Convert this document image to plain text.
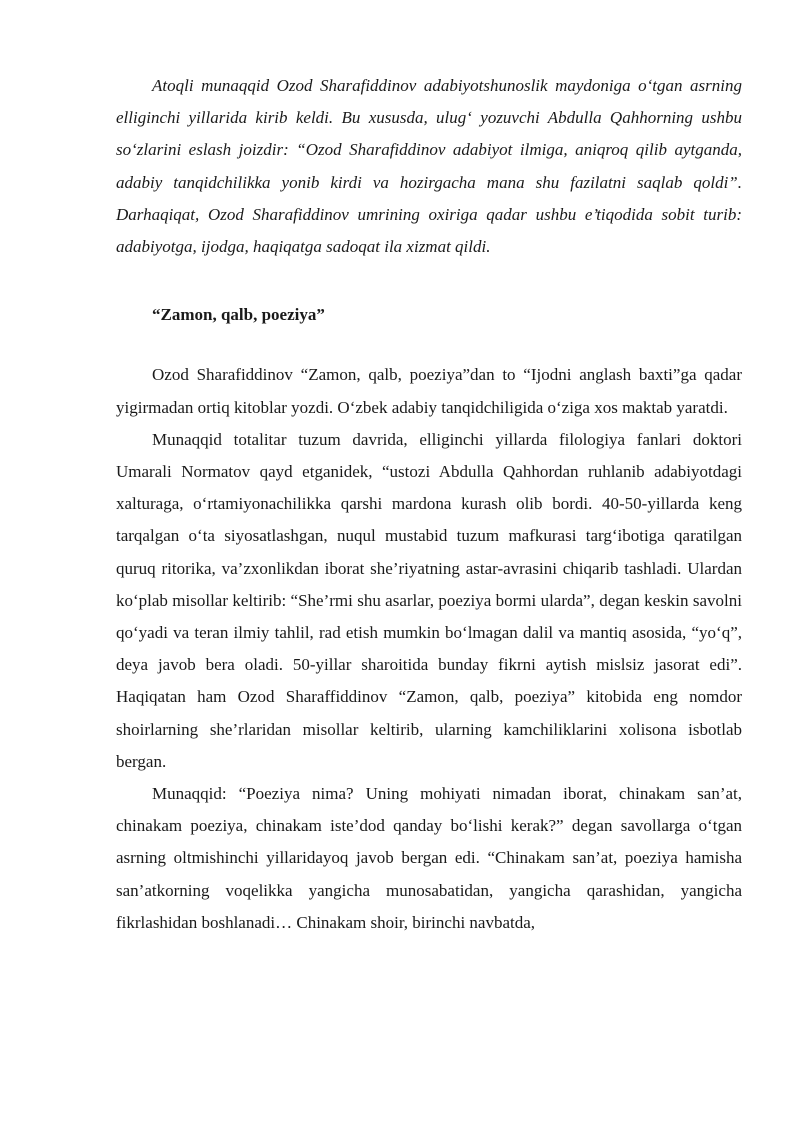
Atoqli munaqqid Ozod Sharafiddinov adabiyotshunoslik maydoniga o‘tgan asrning elliginchi yillarida kirib keldi. Bu xususda, ulug‘ yozuvchi Abdulla Qahhorning ushbu so‘zlarini eslash joizdir: “Ozod Sharafiddinov adabiyot ilmiga, aniqroq qilib aytganda, adabiy tanqidchilikka yonib kirdi va hozirgacha mana shu fazilatni saqlab qoldi”. Darhaqiqat, Ozod Sharafiddinov umrining oxiriga qadar ushbu e’tiqodida sobit turib: adabiyotga, ijodga, haqiqatga sadoqat ila xizmat qildi.

“Zamon, qalb, poeziya”

Ozod Sharafiddinov “Zamon, qalb, poeziya”dan to “Ijodni anglash baxti”ga qadar yigirmadan ortiq kitoblar yozdi. O‘zbek adabiy tanqidchiligida o‘ziga xos maktab yaratdi.

Munaqqid totalitar tuzum davrida, elliginchi yillarda filologiya fanlari doktori Umarali Normatov qayd etganidek, “ustozi Abdulla Qahhordan ruhlanib adabiyotdagi xalturaga, o‘rtamiyonachilikka qarshi mardona kurash olib bordi. 40-50-yillarda keng tarqalgan o‘ta siyosatlashgan, nuqul mustabid tuzum mafkurasi targ‘ibotiga qaratilgan quruq ritorika, va’zxonlikdan iborat she’riyatning astar-avrasini chiqarib tashladi. Ulardan ko‘plab misollar keltirib: “She’rmi shu asarlar, poeziya bormi ularda”, degan keskin savolni qo‘yadi va teran ilmiy tahlil, rad etish mumkin bo‘lmagan dalil va mantiq asosida, “yo‘q”, deya javob bera oladi. 50-yillar sharoitida bunday fikrni aytish mislsiz jasorat edi”. Haqiqatan ham Ozod Sharaffiddinov “Zamon, qalb, poeziya” kitobida eng nomdor shoirlarning she’rlaridan misollar keltirib, ularning kamchiliklarini xolisona isbotlab bergan.

Munaqqid: “Poeziya nima? Uning mohiyati nimadan iborat, chinakam san’at, chinakam poeziya, chinakam iste’dod qanday bo‘lishi kerak?” degan savollarga o‘tgan asrning oltmishinchi yillaridayoq javob bergan edi. “Chinakam san’at, poeziya hamisha san’atkorning voqelikka yangicha munosabatidan, yangicha qarashidan, yangicha fikrlashidan boshlanadi… Chinakam shoir, birinchi navbatda,
